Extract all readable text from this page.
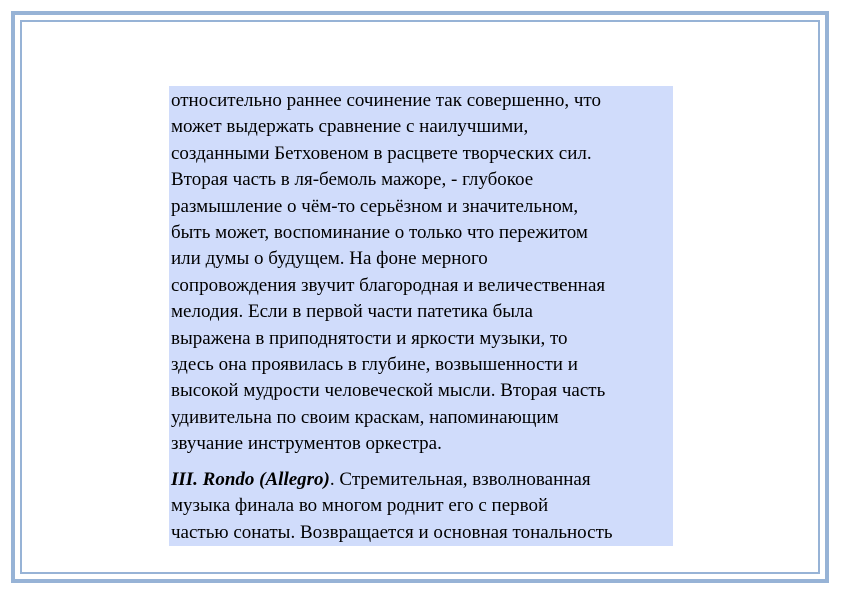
относительно раннее сочинение так совершенно, что
может выдержать сравнение с наилучшими,
созданными Бетховеном в расцвете творческих сил.
Вторая часть в ля-бемоль мажоре, - глубокое
размышление о чём-то серьёзном и значительном,
быть может, воспоминание о только что пережитом
или думы о будущем. На фоне мерного
сопровождения звучит благородная и величественная
мелодия. Если в первой части патетика была
выражена в приподнятости и яркости музыки, то
здесь она проявилась в глубине, возвышенности и
высокой мудрости человеческой мысли. Вторая часть
удивительна по своим краскам, напоминающим
звучание инструментов оркестра.

III. Rondo (Allegro). Стремительная, взволнованная
музыка финала во многом роднит его с первой
частью сонаты. Возвращается и основная тональность
